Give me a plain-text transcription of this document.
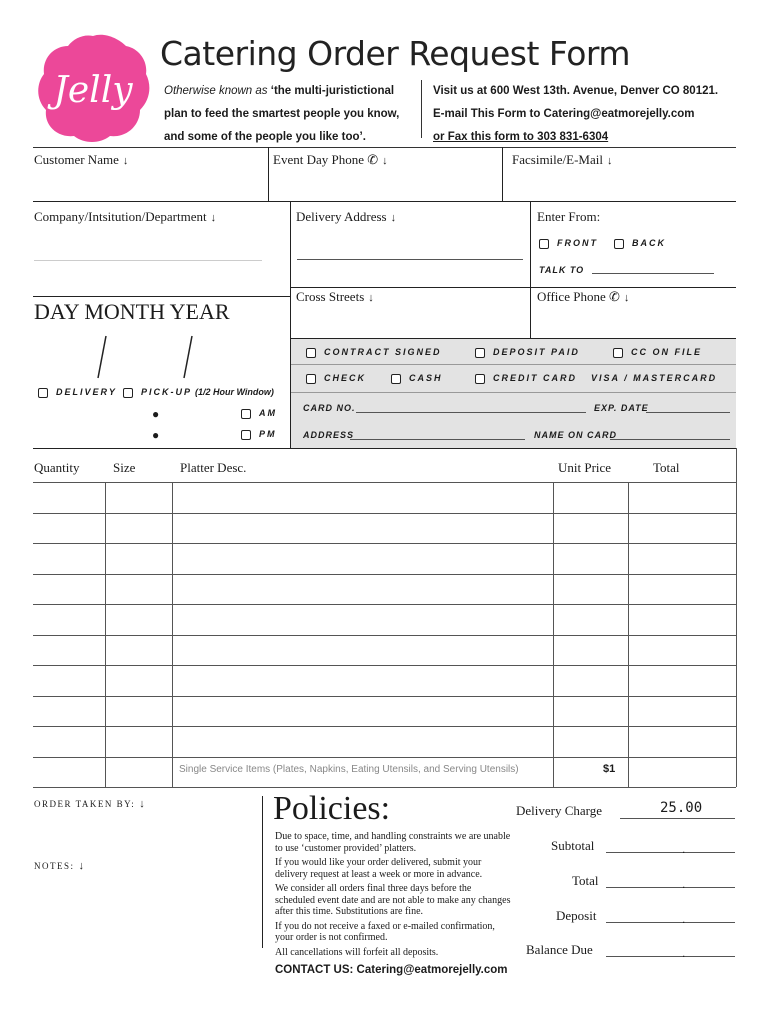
Jelly
Catering Order Request Form
Otherwise known as ‘the multi-juristictional
plan to feed the smartest people you know,
and some of the people you like too’.
Visit us at 600 West 13th. Avenue, Denver CO 80121.
E-mail This Form to Catering@eatmorejelly.com
or Fax this form to 303 831-6304
Customer Name ↓	Event Day Phone ✆ ↓	Facsimile/E-Mail ↓
Company/Intsitution/Department ↓	Delivery Address ↓	Enter From:
FRONT	BACK
TALK TO
Cross Streets ↓	Office Phone ✆ ↓
DAY MONTH YEAR
DELIVERY	PICK-UP (1/2 Hour Window)
●
●
AM
PM
CONTRACT SIGNED	DEPOSIT PAID	CC ON FILE
CHECK	CASH	CREDIT CARD VISA / MASTERCARD
CARD NO.	EXP. DATE
ADDRESS	NAME ON CARD
Quantity	Size	Platter Desc.	Unit Price	Total
Single Service Items (Plates, Napkins, Eating Utensils, and Serving Utensils)	$1
ORDER TAKEN BY: ↓
NOTES: ↓
Policies:
Due to space, time, and handling constraints we are unable to use ‘customer provided’ platters.
If you would like your order delivered, submit your delivery request at least a week or more in advance.
We consider all orders final three days before the scheduled event date and are not able to make any changes after this time. Substitutions are fine.
If you do not receive a faxed or e-mailed confirmation, your order is not confirmed.
All cancellations will forfeit all deposits.
CONTACT US: Catering@eatmorejelly.com
Delivery Charge	25.00
Subtotal	.
Total	.
Deposit	.
Balance Due	.
